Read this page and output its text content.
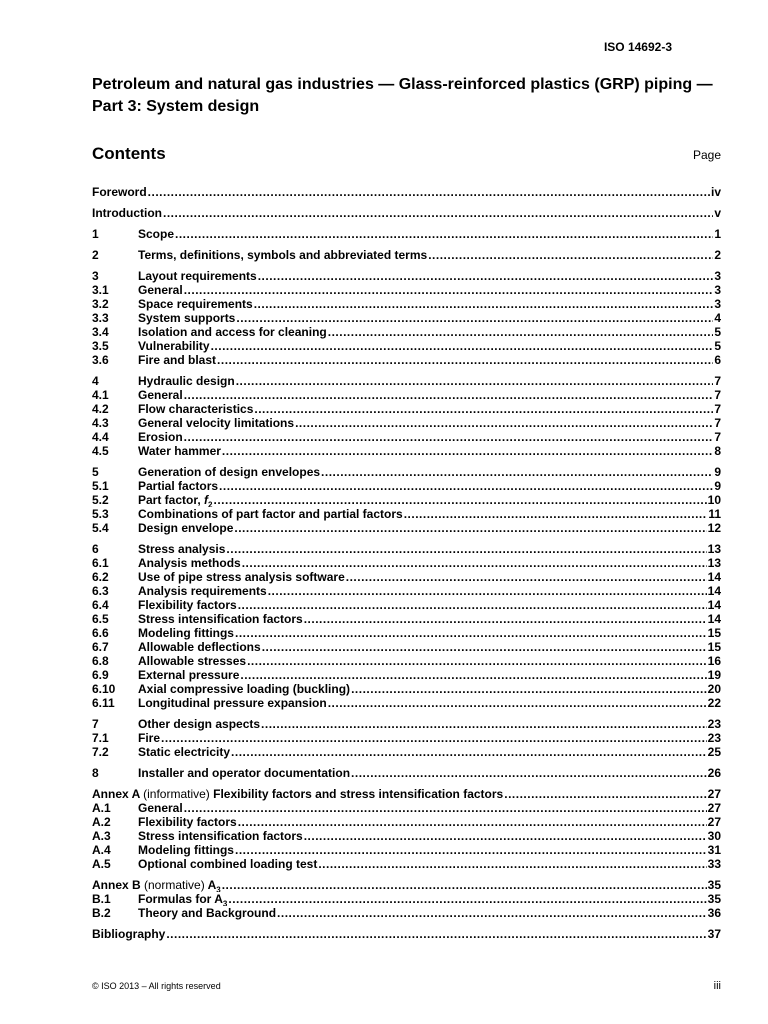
ISO 14692-3
Petroleum and natural gas industries — Glass-reinforced plastics (GRP) piping — Part 3: System design
Contents	Page
Foreword .....	iv
Introduction .....	v
1	Scope .....	1
2	Terms, definitions, symbols and abbreviated terms .....	2
3	Layout requirements .....	3
3.1	General .....	3
3.2	Space requirements .....	3
3.3	System supports .....	4
3.4	Isolation and access for cleaning .....	5
3.5	Vulnerability .....	5
3.6	Fire and blast .....	6
4	Hydraulic design .....	7
4.1	General .....	7
4.2	Flow characteristics .....	7
4.3	General velocity limitations .....	7
4.4	Erosion .....	7
4.5	Water hammer .....	8
5	Generation of design envelopes .....	9
5.1	Partial factors .....	9
5.2	Part factor, $f_2$ .....	10
5.3	Combinations of part factor and partial factors .....	11
5.4	Design envelope .....	12
6	Stress analysis .....	13
6.1	Analysis methods .....	13
6.2	Use of pipe stress analysis software .....	14
6.3	Analysis requirements .....	14
6.4	Flexibility factors .....	14
6.5	Stress intensification factors .....	14
6.6	Modeling fittings .....	15
6.7	Allowable deflections .....	15
6.8	Allowable stresses .....	16
6.9	External pressure .....	19
6.10	Axial compressive loading (buckling) .....	20
6.11	Longitudinal pressure expansion .....	22
7	Other design aspects .....	23
7.1	Fire .....	23
7.2	Static electricity .....	25
8	Installer and operator documentation .....	26
Annex A (informative) Flexibility factors and stress intensification factors .....	27
A.1	General .....	27
A.2	Flexibility factors .....	27
A.3	Stress intensification factors .....	30
A.4	Modeling fittings .....	31
A.5	Optional combined loading test .....	33
Annex B (normative) $A_3$ .....	35
B.1	Formulas for $A_3$ .....	35
B.2	Theory and Background .....	36
Bibliography .....	37
© ISO 2013 – All rights reserved	iii
